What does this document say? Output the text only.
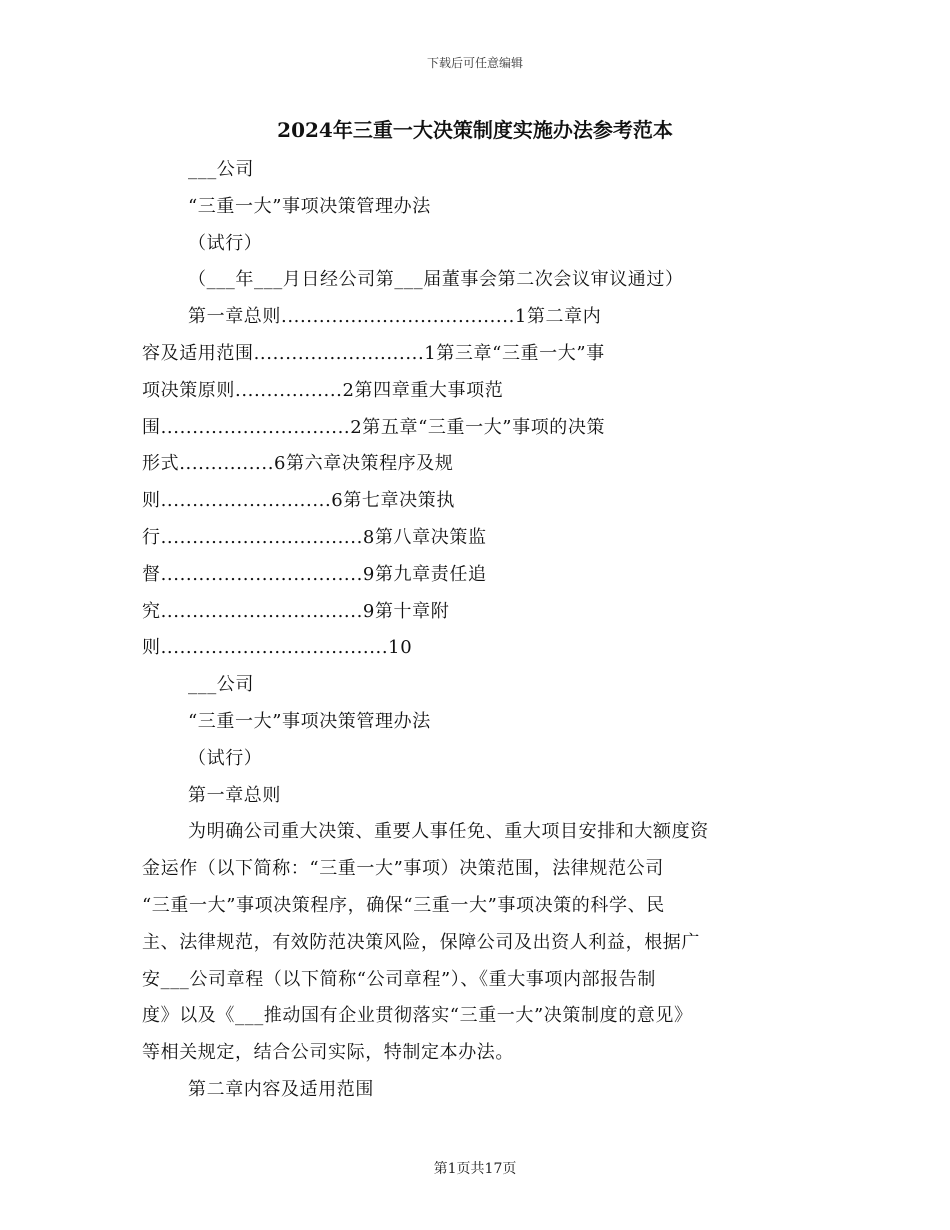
下载后可任意编辑
2024年三重一大决策制度实施办法参考范本
___公司
“三重一大”事项决策管理办法
（试行）
（___年___月日经公司第___届董事会第二次会议审议通过）
第一章总则.....................................1第二章内
容及适用范围...........................1第三章“三重一大”事
项决策原则.................2第四章重大事项范
围..............................2第五章“三重一大”事项的决策
形式...............6第六章决策程序及规
则...........................6第七章决策执
行................................8第八章决策监
督................................9第九章责任追
究................................9第十章附
则....................................10
___公司
“三重一大”事项决策管理办法
（试行）
第一章总则
为明确公司重大决策、重要人事任免、重大项目安排和大额度资
金运作（以下简称：“三重一大”事项）决策范围，法律规范公司
“三重一大”事项决策程序，确保“三重一大”事项决策的科学、民
主、法律规范，有效防范决策风险，保障公司及出资人利益，根据广
安___公司章程（以下简称“公司章程”）、《重大事项内部报告制
度》以及《___推动国有企业贯彻落实“三重一大”决策制度的意见》
等相关规定，结合公司实际，特制定本办法。
第二章内容及适用范围
第1页共17页
